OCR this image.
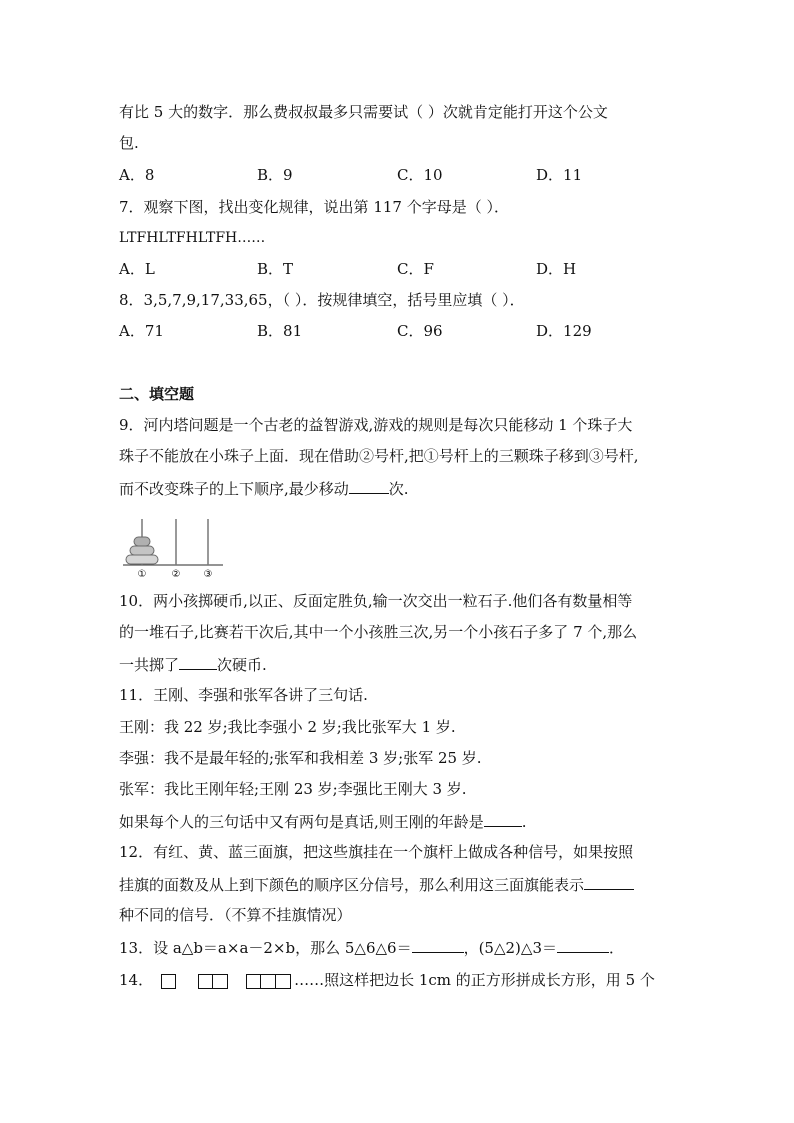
有比 5 大的数字．那么费叔叔最多只需要试（ ）次就肯定能打开这个公文
包.
A．8	B．9	C．10	D．11
7．观察下图，找出变化规律，说出第 117 个字母是（ ）．
LTFHLTFHLTFH……
A．L	B．T	C．F	D．H
8．3,5,7,9,17,33,65，（ ）．按规律填空，括号里应填（ ）．
A．71	B．81	C．96	D．129
二、填空题
9．河内塔问题是一个古老的益智游戏,游戏的规则是每次只能移动 1 个珠子大
珠子不能放在小珠子上面．现在借助②号杆,把①号杆上的三颗珠子移到③号杆,
而不改变珠子的上下顺序,最少移动	次.
①	② ③
10．两小孩掷硬币,以正、反面定胜负,输一次交出一粒石子.他们各有数量相等
的一堆石子,比赛若干次后,其中一个小孩胜三次,另一个小孩石子多了 7 个,那么
一共掷了	次硬币.
11．王刚、李强和张军各讲了三句话.
王刚：我 22 岁;我比李强小 2 岁;我比张军大 1 岁.
李强：我不是最年轻的;张军和我相差 3 岁;张军 25 岁.
张军：我比王刚年轻;王刚 23 岁;李强比王刚大 3 岁.
如果每个人的三句话中又有两句是真话,则王刚的年龄是	.
12．有红、黄、蓝三面旗，把这些旗挂在一个旗杆上做成各种信号，如果按照
挂旗的面数及从上到下颜色的顺序区分信号，那么利用这三面旗能表示
种不同的信号．（不算不挂旗情况）
13．设 a△b＝a×a－2×b，那么 5△6△6＝	，(5△2)△3＝	．
14．	……照这样把边长 1cm 的正方形拼成长方形，用 5 个
